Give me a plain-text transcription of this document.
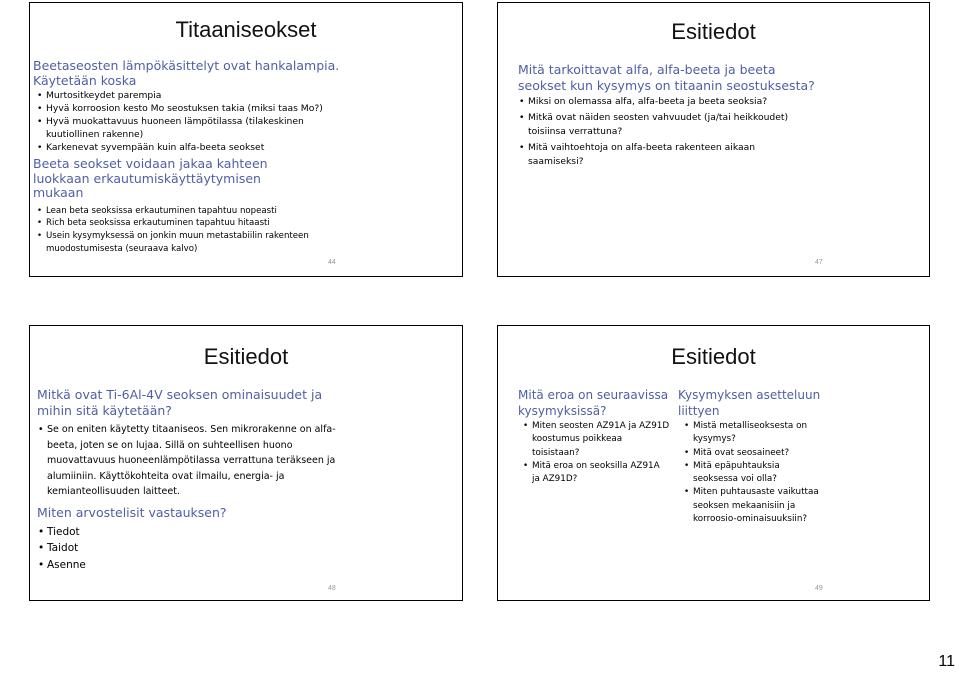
Titaaniseokset

Beetaseosten lämpökäsittelyt ovat hankalampia.

Käytetään koska

• Murtositkeydet parempia
• Hyvä korroosion kesto Mo seostuksen takia (miksi taas Mo?)
• Hyvä muokattavuus huoneen lämpötilassa (tilakeskinen kuutiollinen rakenne)
• Karkenevat syvempään kuin alfa-beeta seokset

Beeta seokset voidaan jakaa kahteen luokkaan erkautumiskäyttäytymisen mukaan

• Lean beta seoksissa erkautuminen tapahtuu nopeasti
• Rich beta seoksissa erkautuminen tapahtuu hitaasti
• Usein kysymyksessä on jonkin muun metastabiilin rakenteen muodostumisesta (seuraava kalvo)
44
Esitiedot

Mitä tarkoittavat alfa, alfa-beeta ja beeta seokset kun kysymys on titaanin seostuksesta?

• Miksi on olemassa alfa, alfa-beeta ja beeta seoksia?
• Mitkä ovat näiden seosten vahvuudet (ja/tai heikkoudet) toisiinsa verrattuna?
• Mitä vaihtoehtoja on alfa-beeta rakenteen aikaan saamiseksi?
47
Esitiedot

Mitkä ovat Ti-6Al-4V seoksen ominaisuudet ja mihin sitä käytetään?

• Se on eniten käytetty titaaniseos. Sen mikrorakenne on alfa-beeta, joten se on lujaa. Sillä on suhteellisen huono muovattavuus huoneenlämpötilassa verrattuna teräkseen ja alumiiniin. Käyttökohteita ovat ilmailu, energia- ja kemianteollisuuden laitteet.

Miten arvostelisit vastauksen?

• Tiedot
• Taidot
• Asenne
48
Esitiedot

Mitä eroa on seuraavissa kysymyksissä?

• Miten seosten AZ91A ja AZ91D koostumus poikkeaa toisistaan?
• Mitä eroa on seoksilla AZ91A ja AZ91D?

Kysymyksen asetteluun liittyen

• Mistä metalliseoksesta on kysymys?
• Mitä ovat seosaineet?
• Mitä epäpuhtauksia seoksessa voi olla?
• Miten puhtausaste vaikuttaa seoksen mekaanisiin ja korroosio-ominaisuuksiin?
49
11
